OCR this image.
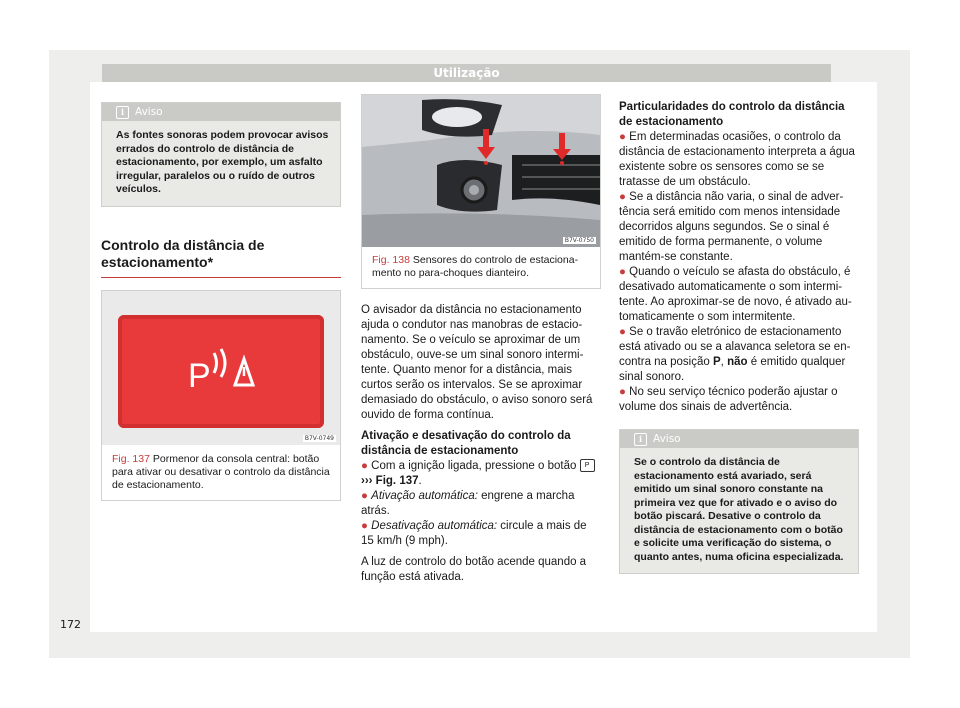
Utilização
i	Aviso
As fontes sonoras podem provocar avisos errados do controlo de distância de estacionamento, por exemplo, um asfalto irregular, paralelos ou o ruído de outros veículos.
Controlo da distância de estacionamento*
P
B7V-0749
Fig. 137 Pormenor da consola central: botão para ativar ou desativar o controlo da distância de estacionamento.
B7V-0750
Fig. 138 Sensores do controlo de estacionamento no para-choques dianteiro.

O avisador da distância no estacionamento ajuda o condutor nas manobras de estacionamento. Se o veículo se aproximar de um obstáculo, ouve-se um sinal sonoro intermitente. Quanto menor for a distância, mais curtos serão os intervalos. Se se aproximar demasiado do obstáculo, o aviso sonoro será ouvido de forma contínua.

Ativação e desativação do controlo da distância de estacionamento

● Com a ignição ligada, pressione o botão P ››› Fig. 137.

● Ativação automática: engrene a marcha atrás.

● Desativação automática: circule a mais de 15 km/h (9 mph).

A luz de controlo do botão acende quando a função está ativada.

Particularidades do controlo da distância de estacionamento

● Em determinadas ocasiões, o controlo da distância de estacionamento interpreta a água existente sobre os sensores como se se tratasse de um obstáculo.

● Se a distância não varia, o sinal de advertência será emitido com menos intensidade decorridos alguns segundos. Se o sinal é emitido de forma permanente, o volume mantém-se constante.

● Quando o veículo se afasta do obstáculo, é desativado automaticamente o som intermitente. Ao aproximar-se de novo, é ativado automaticamente o som intermitente.

● Se o travão eletrónico de estacionamento está ativado ou se a alavanca seletora se encontra na posição P, não é emitido qualquer sinal sonoro.

● No seu serviço técnico poderão ajustar o volume dos sinais de advertência.

i	Aviso
Se o controlo da distância de estacionamento está avariado, será emitido um sinal sonoro constante na primeira vez que for ativado e o aviso do botão piscará. Desative o controlo da distância de estacionamento com o botão e solicite uma verificação do sistema, o quanto antes, numa oficina especializada.
172
